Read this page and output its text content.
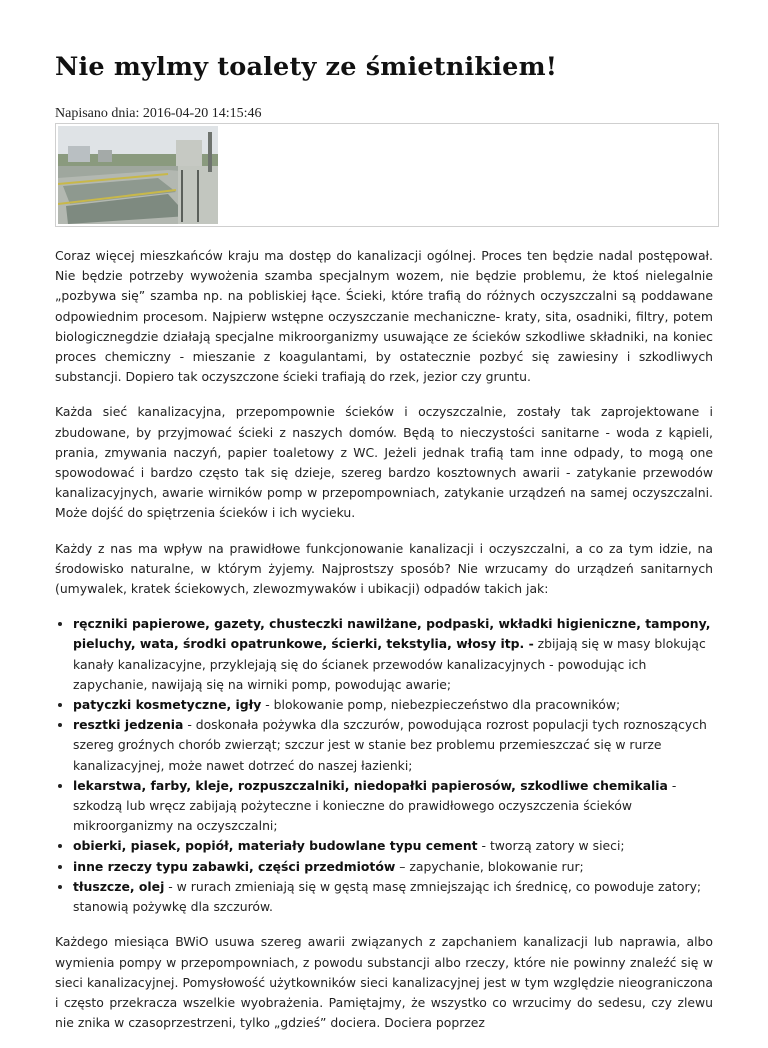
Nie mylmy toalety ze śmietnikiem!
Napisano dnia: 2016-04-20 14:15:46

Coraz więcej mieszkańców kraju ma dostęp do kanalizacji ogólnej. Proces ten będzie nadal postępował. Nie będzie potrzeby wywożenia szamba specjalnym wozem, nie będzie problemu, że ktoś nielegalnie „pozbywa się” szamba np. na pobliskiej łące. Ścieki, które trafią do różnych oczyszczalni są poddawane odpowiednim procesom. Najpierw wstępne oczyszczanie mechaniczne- kraty, sita, osadniki, filtry, potem biologicznegdzie działają specjalne mikroorganizmy usuwające ze ścieków szkodliwe składniki, na koniec proces chemiczny - mieszanie z koagulantami, by ostatecznie pozbyć się zawiesiny i szkodliwych substancji. Dopiero tak oczyszczone ścieki trafiają do rzek, jezior czy gruntu.

Każda sieć kanalizacyjna, przepompownie ścieków i oczyszczalnie, zostały tak zaprojektowane i zbudowane, by przyjmować ścieki z naszych domów. Będą to nieczystości sanitarne - woda z kąpieli, prania, zmywania naczyń, papier toaletowy z WC. Jeżeli jednak trafią tam inne odpady, to mogą one spowodować i bardzo często tak się dzieje, szereg bardzo kosztownych awarii - zatykanie przewodów kanalizacyjnych, awarie wirników pomp w przepompowniach, zatykanie urządzeń na samej oczyszczalni. Może dojść do spiętrzenia ścieków i ich wycieku.

Każdy z nas ma wpływ na prawidłowe funkcjonowanie kanalizacji i oczyszczalni, a co za tym idzie, na środowisko naturalne, w którym żyjemy. Najprostszy sposób? Nie wrzucamy do urządzeń sanitarnych (umywalek, kratek ściekowych, zlewozmywaków i ubikacji) odpadów takich jak:

• ręczniki papierowe, gazety, chusteczki nawilżane, podpaski, wkładki higieniczne, tampony, pieluchy, wata, środki opatrunkowe, ścierki, tekstylia, włosy itp. - zbijają się w masy blokując kanały kanalizacyjne, przyklejają się do ścianek przewodów kanalizacyjnych - powodując ich zapychanie, nawijają się na wirniki pomp, powodując awarie;
• patyczki kosmetyczne, igły - blokowanie pomp, niebezpieczeństwo dla pracowników;
• resztki jedzenia - doskonała pożywka dla szczurów, powodująca rozrost populacji tych roznoszących szereg groźnych chorób zwierząt; szczur jest w stanie bez problemu przemieszczać się w rurze kanalizacyjnej, może nawet dotrzeć do naszej łazienki;
• lekarstwa, farby, kleje, rozpuszczalniki, niedopałki papierosów, szkodliwe chemikalia - szkodzą lub wręcz zabijają pożyteczne i konieczne do prawidłowego oczyszczenia ścieków mikroorganizmy na oczyszczalni;
• obierki, piasek, popiół, materiały budowlane typu cement - tworzą zatory w sieci;
• inne rzeczy typu zabawki, części przedmiotów – zapychanie, blokowanie rur;
• tłuszcze, olej - w rurach zmieniają się w gęstą masę zmniejszając ich średnicę, co powoduje zatory; stanowią pożywkę dla szczurów.

Każdego miesiąca BWiO usuwa szereg awarii związanych z zapchaniem kanalizacji lub naprawia, albo wymienia pompy w przepompowniach, z powodu substancji albo rzeczy, które nie powinny znaleźć się w sieci kanalizacyjnej. Pomysłowość użytkowników sieci kanalizacyjnej jest w tym względzie nieograniczona i często przekracza wszelkie wyobrażenia. Pamiętajmy, że wszystko co wrzucimy do sedesu, czy zlewu nie znika w czasoprzestrzeni, tylko „gdzieś” dociera. Dociera poprzez
